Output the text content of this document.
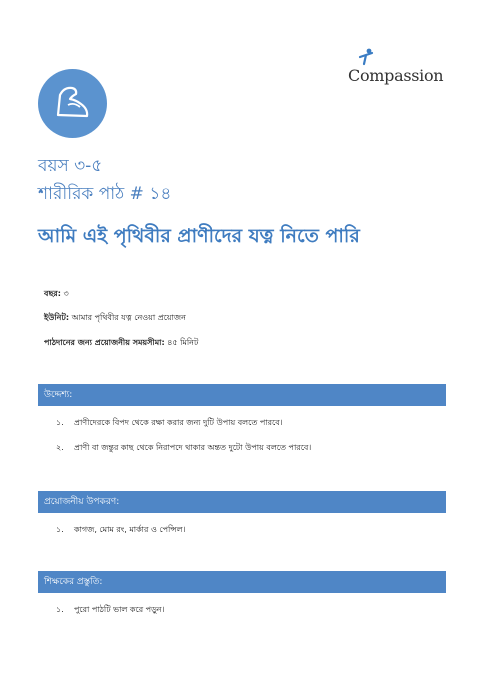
Compassion
বয়স ৩-৫
শারীরিক পাঠ # ১৪
আমি এই পৃথিবীর প্রাণীদের যত্ন নিতে পারি
বছর: ৩
ইউনিট: আমার পৃথিবীর যত্ন নেওয়া প্রয়োজন
পাঠদানের জন্য প্রয়োজনীয় সময়সীমা: ৪৫ মিনিট
উদ্দেশ্য:
১. প্রাণীদেরকে বিপদ থেকে রক্ষা করার জন্য দুটি উপায় বলতে পারবে।
২. প্রাণী বা জন্তুর কাছ থেকে নিরাপদে থাকার অন্তত দুটো উপায় বলতে পারবে।
প্রয়োজনীয় উপকরণ:
১. কাগজ, মোম রং, মার্কার ও পেন্সিল।
শিক্ষকের প্রস্তুতি:
১. পুরো পাঠটি ভাল করে পড়ুন।
